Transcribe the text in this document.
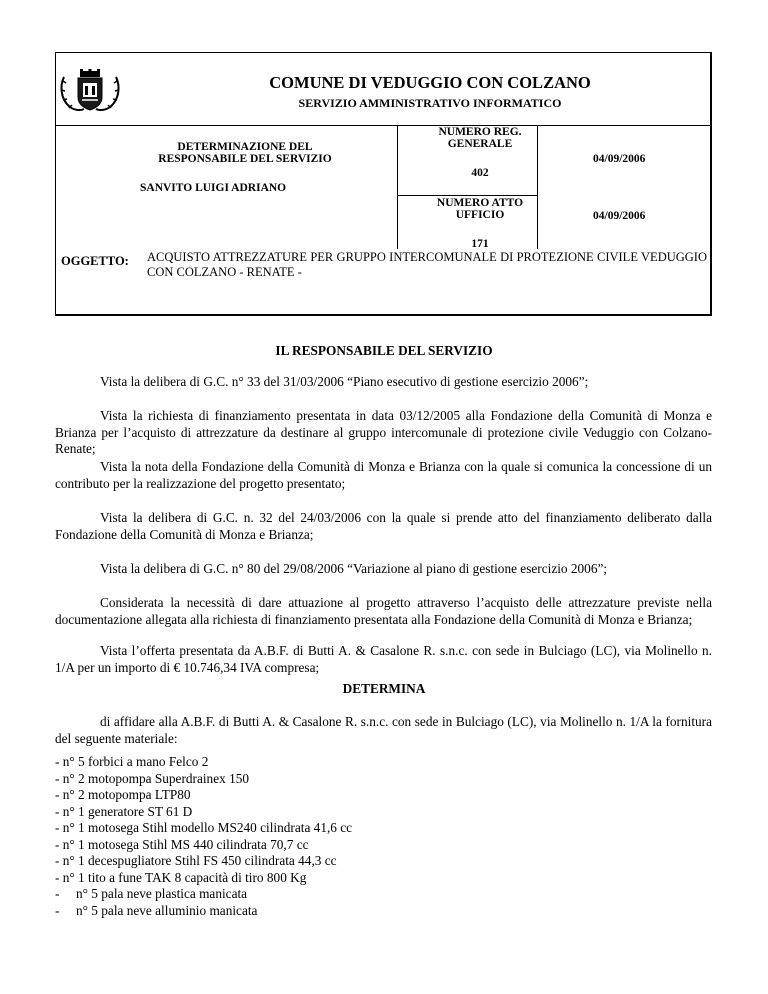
COMUNE DI VEDUGGIO CON COLZANO
SERVIZIO AMMINISTRATIVO INFORMATICO
DETERMINAZIONE DEL
RESPONSABILE DEL SERVIZIO
SANVITO LUIGI ADRIANO
NUMERO REG.
GENERALE
402
04/09/2006
NUMERO ATTO
UFFICIO
171
04/09/2006
OGGETTO: ACQUISTO ATTREZZATURE PER GRUPPO INTERCOMUNALE DI PROTEZIONE CIVILE VEDUGGIO CON COLZANO - RENATE -
IL RESPONSABILE DEL SERVIZIO
Vista la delibera di G.C. n° 33 del 31/03/2006 “Piano esecutivo di gestione esercizio 2006”;
Vista la richiesta di finanziamento presentata in data 03/12/2005 alla Fondazione della Comunità di Monza e Brianza per l’acquisto di attrezzature da destinare al gruppo intercomunale di protezione civile Veduggio con Colzano-Renate;
Vista la nota della Fondazione della Comunità di Monza e Brianza con la quale si comunica la concessione di un contributo per la realizzazione del progetto presentato;
Vista la delibera di G.C. n. 32 del 24/03/2006 con la quale si prende atto del finanziamento deliberato dalla Fondazione della Comunità di Monza e Brianza;
Vista la delibera di G.C. n° 80 del 29/08/2006 “Variazione al piano di gestione esercizio 2006”;
Considerata la necessità di dare attuazione al progetto attraverso l’acquisto delle attrezzature previste nella documentazione allegata alla richiesta di finanziamento presentata alla Fondazione della Comunità di Monza e Brianza;
Vista l’offerta presentata da A.B.F. di Butti A. & Casalone R. s.n.c. con sede in Bulciago (LC), via Molinello n. 1/A per un importo di € 10.746,34 IVA compresa;
DETERMINA
di affidare alla A.B.F. di Butti A. & Casalone R. s.n.c. con sede in Bulciago (LC), via Molinello n. 1/A la fornitura del seguente materiale:
- n° 5 forbici a mano Felco 2
- n° 2 motopompa Superdrainex 150
- n° 2 motopompa LTP80
- n° 1 generatore ST 61 D
- n° 1 motosega Stihl modello MS240 cilindrata 41,6 cc
- n° 1 motosega Stihl MS 440 cilindrata 70,7 cc
- n° 1 decespugliatore Stihl FS 450 cilindrata 44,3 cc
- n° 1 tito a fune TAK 8 capacità di tiro 800 Kg
- n° 5 pala neve plastica manicata
- n° 5 pala neve alluminio manicata
